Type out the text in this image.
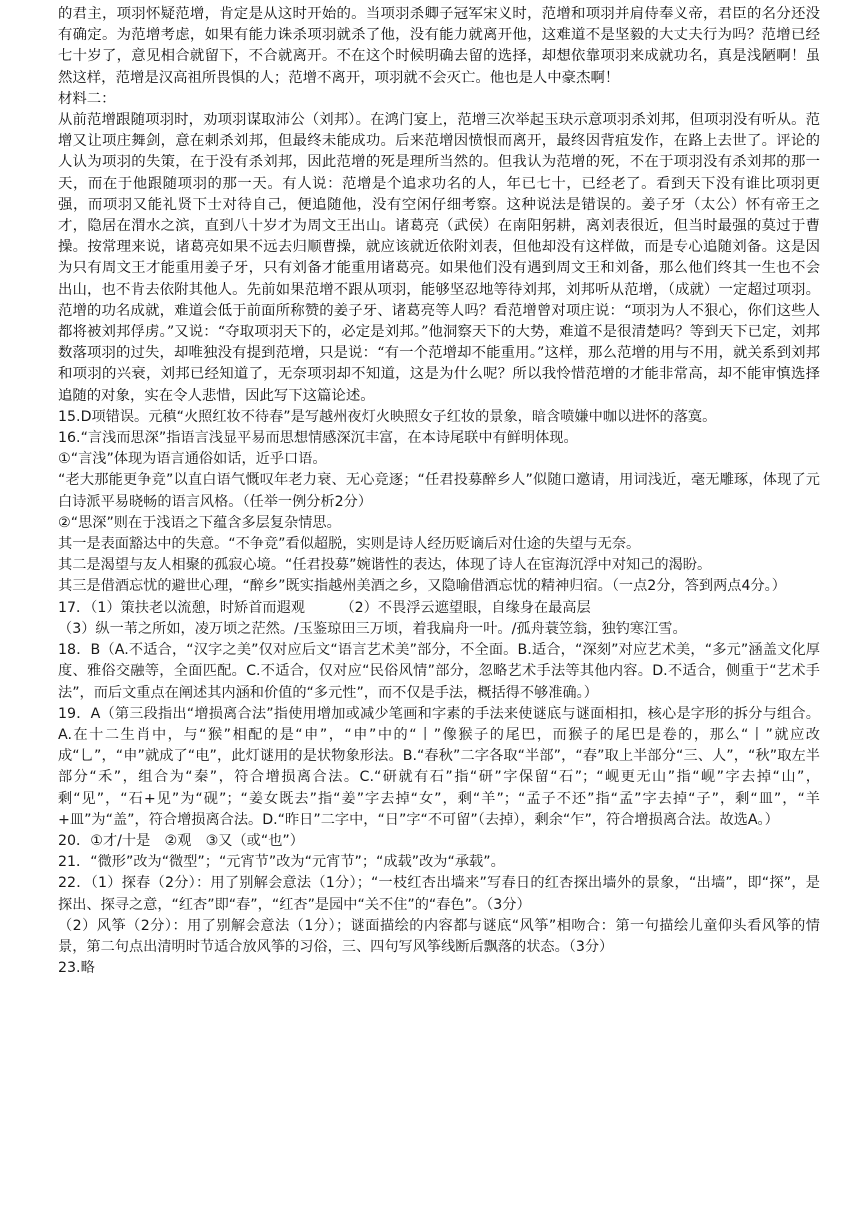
的君主，项羽怀疑范增，肯定是从这时开始的。当项羽杀卿子冠军宋义时，范增和项羽并肩侍奉义帝，君臣的名分还没有确定。为范增考虑，如果有能力诛杀项羽就杀了他，没有能力就离开他，这难道不是坚毅的大丈夫行为吗？范增已经七十岁了，意见相合就留下，不合就离开。不在这个时候明确去留的选择，却想依靠项羽来成就功名，真是浅陋啊！虽然这样，范增是汉高祖所畏惧的人；范增不离开，项羽就不会灭亡。他也是人中豪杰啊！

材料二：

从前范增跟随项羽时，劝项羽谋取沛公（刘邦）。在鸿门宴上，范增三次举起玉玦示意项羽杀刘邦，但项羽没有听从。范增又让项庄舞剑，意在刺杀刘邦，但最终未能成功。后来范增因愤恨而离开，最终因背疽发作，在路上去世了。评论的人认为项羽的失策，在于没有杀刘邦，因此范增的死是理所当然的。但我认为范增的死，不在于项羽没有杀刘邦的那一天，而在于他跟随项羽的那一天。有人说：范增是个追求功名的人，年已七十，已经老了。看到天下没有谁比项羽更强，而项羽又能礼贤下士对待自己，便追随他，没有空闲仔细考察。这种说法是错误的。姜子牙（太公）怀有帝王之才，隐居在渭水之滨，直到八十岁才为周文王出山。诸葛亮（武侯）在南阳躬耕，离刘表很近，但当时最强的莫过于曹操。按常理来说，诸葛亮如果不远去归顺曹操，就应该就近依附刘表，但他却没有这样做，而是专心追随刘备。这是因为只有周文王才能重用姜子牙，只有刘备才能重用诸葛亮。如果他们没有遇到周文王和刘备，那么他们终其一生也不会出山，也不肯去依附其他人。先前如果范增不跟从项羽，能够坚忍地等待刘邦，刘邦听从范增，（成就）一定超过项羽。范增的功名成就，难道会低于前面所称赞的姜子牙、诸葛亮等人吗？看范增曾对项庄说：“项羽为人不狠心，你们这些人都将被刘邦俘虏。”又说：“夺取项羽天下的，必定是刘邦。”他洞察天下的大势，难道不是很清楚吗？等到天下已定，刘邦数落项羽的过失，却唯独没有提到范增，只是说：“有一个范增却不能重用。”这样，那么范增的用与不用，就关系到刘邦和项羽的兴衰，刘邦已经知道了，无奈项羽却不知道，这是为什么呢？所以我怜惜范增的才能非常高，却不能审慎选择追随的对象，实在令人悲惜，因此写下这篇论述。

15.D项错误。元稹“火照红妆不待春”是写越州夜灯火映照女子红妆的景象，暗含喷嫌中咖以进怀的落寞。

16.“言浅而思深”指语言浅显平易而思想情感深沉丰富，在本诗尾联中有鲜明体现。

①“言浅”体现为语言通俗如话，近乎口语。

“老大那能更争竞”以直白语气慨叹年老力衰、无心竞逐；“任君投募醉乡人”似随口邀请，用词浅近，毫无雕琢，体现了元白诗派平易晓畅的语言风格。（任举一例分析2分）

②“思深”则在于浅语之下蕴含多层复杂情思。

其一是表面豁达中的失意。“不争竞”看似超脱，实则是诗人经历贬谪后对仕途的失望与无奈。

其二是渴望与友人相聚的孤寂心境。“任君投募”婉谐性的表达，体现了诗人在宦海沉浮中对知己的渴盼。

其三是借酒忘忧的避世心理，“醉乡”既实指越州美酒之乡，又隐喻借酒忘忧的精神归宿。（一点2分，答到两点4分。）

17．（1）策扶老以流憩，时矫首而遐观　　　（2）不畏浮云遮望眼，自缘身在最高层

（3）纵一苇之所如，凌万顷之茫然。/玉鉴琼田三万顷，着我扁舟一叶。/孤舟蓑笠翁，独钓寒江雪。

18．B（A.不适合，“汉字之美”仅对应后文“语言艺术美”部分，不全面。B.适合，“深刻”对应艺术美，“多元”涵盖文化厚度、雅俗交融等，全面匹配。C.不适合，仅对应“民俗风情”部分，忽略艺术手法等其他内容。D.不适合，侧重于“艺术手法”，而后文重点在阐述其内涵和价值的“多元性”，而不仅是手法，概括得不够准确。）

19．A（第三段指出“增损离合法”指使用增加或减少笔画和字素的手法来使谜底与谜面相扣，核心是字形的拆分与组合。A.在十二生肖中，与“猴”相配的是“申”，“申”中的“丨”像猴子的尾巴，而猴子的尾巴是卷的，那么“丨”就应改成“乚”，“申”就成了“电”，此灯谜用的是状物象形法。B.“春秋”二字各取“半部”，“春”取上半部分“三、人”，“秋”取左半部分“禾”，组合为“秦”，符合增损离合法。C.“研就有石”指“研”字保留“石”；“岘更无山”指“岘”字去掉“山”，剩“见”，“石+见”为“砚”；“姜女既去”指“姜”字去掉“女”，剩“羊”；“孟子不还”指“孟”字去掉“子”，剩“皿”，“羊+皿”为“盖”，符合增损离合法。D.“昨日”二字中，“日”字“不可留”（去掉），剩余“乍”，符合增损离合法。故选A。）

20．①才/十是　②观　③又（或“也”）

21．“微形”改为“微型”；“元宵节”改为“元宵节”；“成载”改为“承载”。

22．（1）探春（2分）：用了别解会意法（1分）；“一枝红杏出墙来”写春日的红杏探出墙外的景象，“出墙”，即“探”，是探出、探寻之意，“红杏”即“春”，“红杏”是园中“关不住”的“春色”。（3分）

（2）风筝（2分）：用了别解会意法（1分）；谜面描绘的内容都与谜底“风筝”相吻合：第一句描绘儿童仰头看风筝的情景，第二句点出清明时节适合放风筝的习俗，三、四句写风筝线断后飘落的状态。（3分）

23.略
